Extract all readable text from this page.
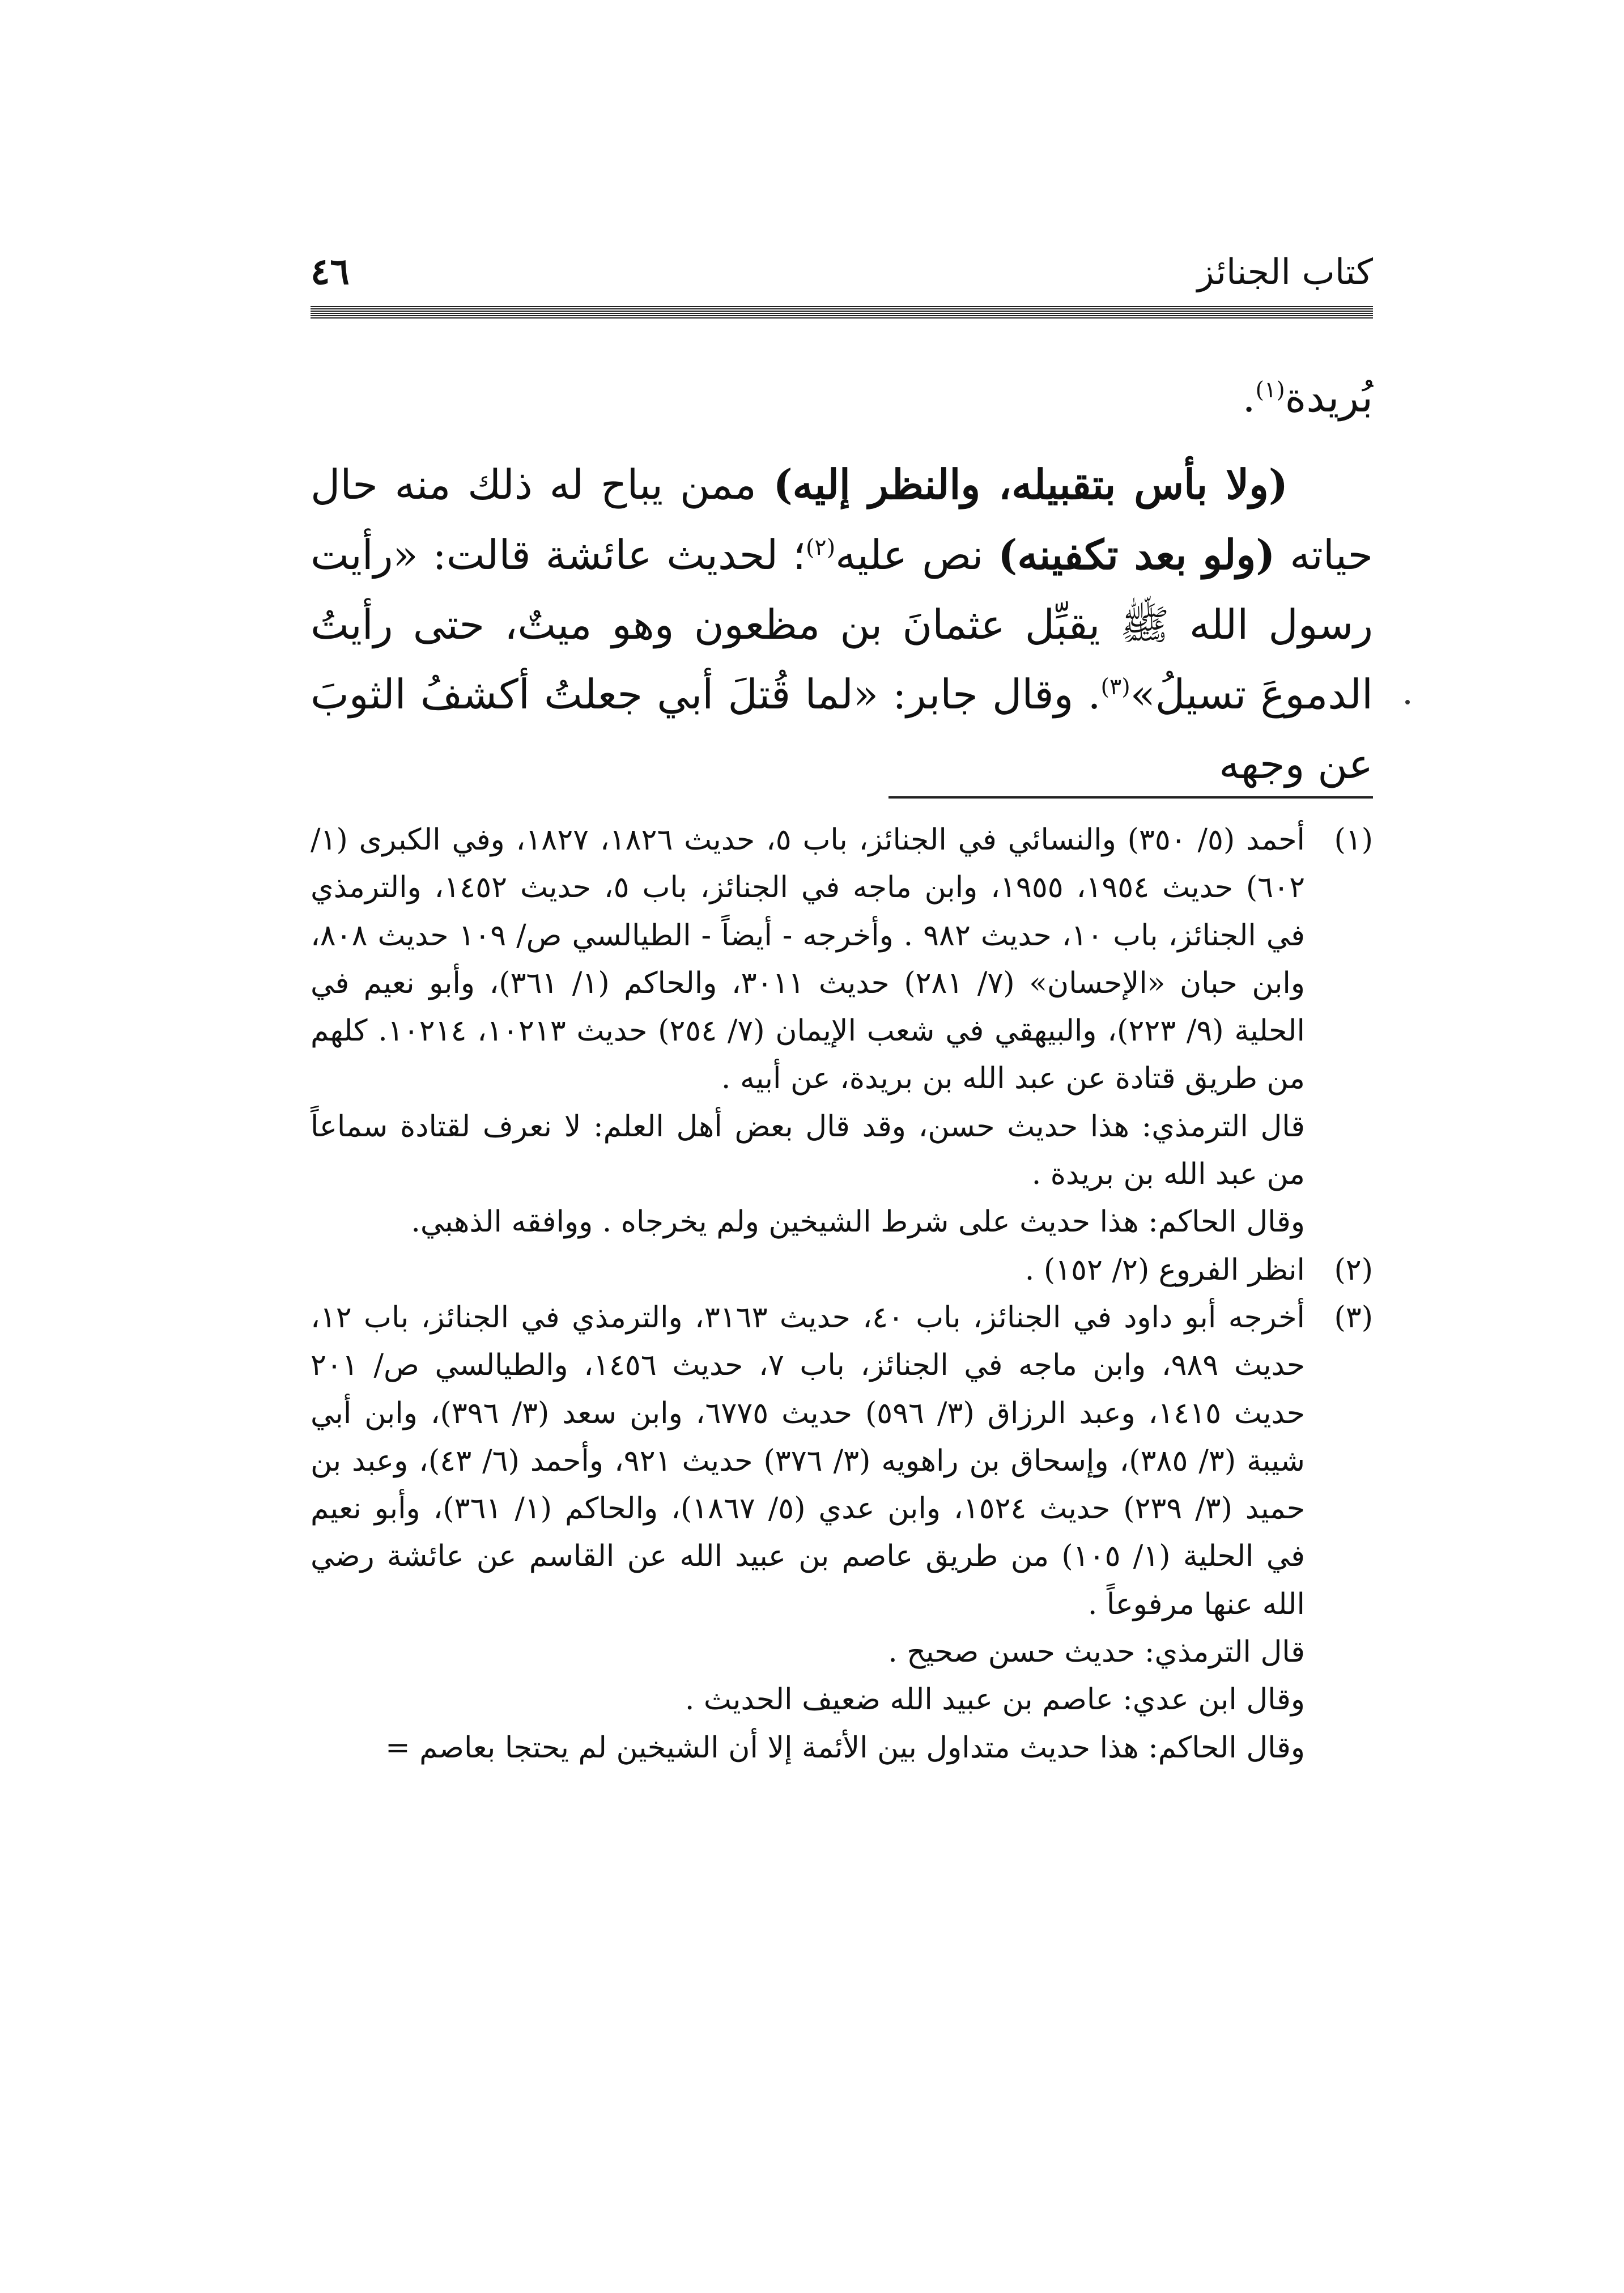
٤٦	كتاب الجنائز

بُريدة$^{(١)}$.

(ولا بأس بتقبيله، والنظر إليه) ممن يباح له ذلك منه حال حياته (ولو بعد تكفينه) نص عليه$^{(٢)}$؛ لحديث عائشة قالت: «رأيت رسول الله ﷺ يقبِّل عثمانَ بن مظعون وهو ميتٌ، حتى رأيتُ الدموعَ تسيلُ»$^{(٣)}$. وقال جابر: «لما قُتلَ أبي جعلتُ أكشفُ الثوبَ عن وجهه

(١)

أحمد (٥/ ٣٥٠) والنسائي في الجنائز، باب ٥، حديث ١٨٢٦، ١٨٢٧، وفي الكبرى (١/ ٦٠٢) حديث ١٩٥٤، ١٩٥٥، وابن ماجه في الجنائز، باب ٥، حديث ١٤٥٢، والترمذي في الجنائز، باب ١٠، حديث ٩٨٢ . وأخرجه - أيضاً - الطيالسي ص/ ١٠٩ حديث ٨٠٨، وابن حبان «الإحسان» (٧/ ٢٨١) حديث ٣٠١١، والحاكم (١/ ٣٦١)، وأبو نعيم في الحلية (٩/ ٢٢٣)، والبيهقي في شعب الإيمان (٧/ ٢٥٤) حديث ١٠٢١٣، ١٠٢١٤. كلهم من طريق قتادة عن عبد الله بن بريدة، عن أبيه .

قال الترمذي: هذا حديث حسن، وقد قال بعض أهل العلم: لا نعرف لقتادة سماعاً من عبد الله بن بريدة .

وقال الحاكم: هذا حديث على شرط الشيخين ولم يخرجاه . ووافقه الذهبي.

(٢)

انظر الفروع (٢/ ١٥٢) .

(٣)

أخرجه أبو داود في الجنائز، باب ٤٠، حديث ٣١٦٣، والترمذي في الجنائز، باب ١٢، حديث ٩٨٩، وابن ماجه في الجنائز، باب ٧، حديث ١٤٥٦، والطيالسي ص/ ٢٠١ حديث ١٤١٥، وعبد الرزاق (٣/ ٥٩٦) حديث ٦٧٧٥، وابن سعد (٣/ ٣٩٦)، وابن أبي شيبة (٣/ ٣٨٥)، وإسحاق بن راهويه (٣/ ٣٧٦) حديث ٩٢١، وأحمد (٦/ ٤٣)، وعبد بن حميد (٣/ ٢٣٩) حديث ١٥٢٤، وابن عدي (٥/ ١٨٦٧)، والحاكم (١/ ٣٦١)، وأبو نعيم في الحلية (١/ ١٠٥) من طريق عاصم بن عبيد الله عن القاسم عن عائشة رضي الله عنها مرفوعاً .

قال الترمذي: حديث حسن صحيح .

وقال ابن عدي: عاصم بن عبيد الله ضعيف الحديث .

وقال الحاكم: هذا حديث متداول بين الأئمة إلا أن الشيخين لم يحتجا بعاصم =
